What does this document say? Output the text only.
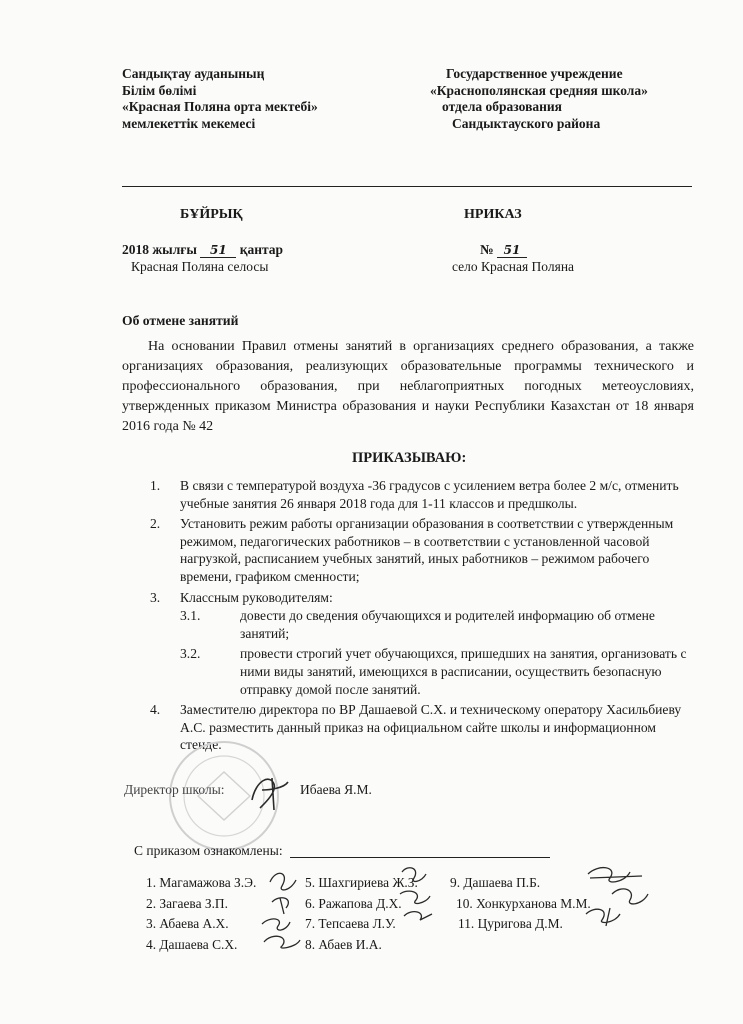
Сандықтау ауданының
Білім бөлімі
«Красная Поляна орта мектебі»
мемлекеттік мекемесі
Государственное учреждение
«Краснополянская средняя школа»
отдела образования
Сандыктауского района
БҰЙРЫҚ	НРИКАЗ
2018 жылғы 51 қантар
Красная Поляна селосы
№ 51
село Красная Поляна
Об отмене занятий
На основании Правил отмены занятий в организациях среднего образования, а также организациях образования, реализующих образовательные программы технического и профессионального образования, при неблагоприятных погодных метеоусловиях, утвержденных приказом Министра образования и науки Республики Казахстан от 18 января 2016 года № 42
ПРИКАЗЫВАЮ:
1. В связи с температурой воздуха -36 градусов с усилением ветра более 2 м/с, отменить учебные занятия 26 января 2018 года для 1-11 классов и предшколы.
2. Установить режим работы организации образования в соответствии с утвержденным режимом, педагогических работников – в соответствии с установленной часовой нагрузкой, расписанием учебных занятий, иных работников – режимом рабочего времени, графиком сменности;
3. Классным руководителям:
3.1.	довести до сведения обучающихся и родителей информацию об отмене занятий;
3.2.	провести строгий учет обучающихся, пришедших на занятия, организовать с ними виды занятий, имеющихся в расписании, осуществить безопасную отправку домой после занятий.
4. Заместителю директора по ВР Дашаевой С.Х. и техническому оператору Хасильбиеву А.С. разместить данный приказ на официальном сайте школы и информационном стенде.
Директор школы:	Ибаева Я.М.
С приказом ознакомлены:
1. Магамажова З.Э.
2. Загаева З.П.
3. Абаева А.Х.
4. Дашаева С.Х.
5. Шахгириева Ж.З.
6. Ражапова Д.Х.
7. Тепсаева Л.У.
8. Абаев И.А.
9. Дашаева П.Б.
10. Хонкурханова М.М.
11. Цуригова Д.М.
